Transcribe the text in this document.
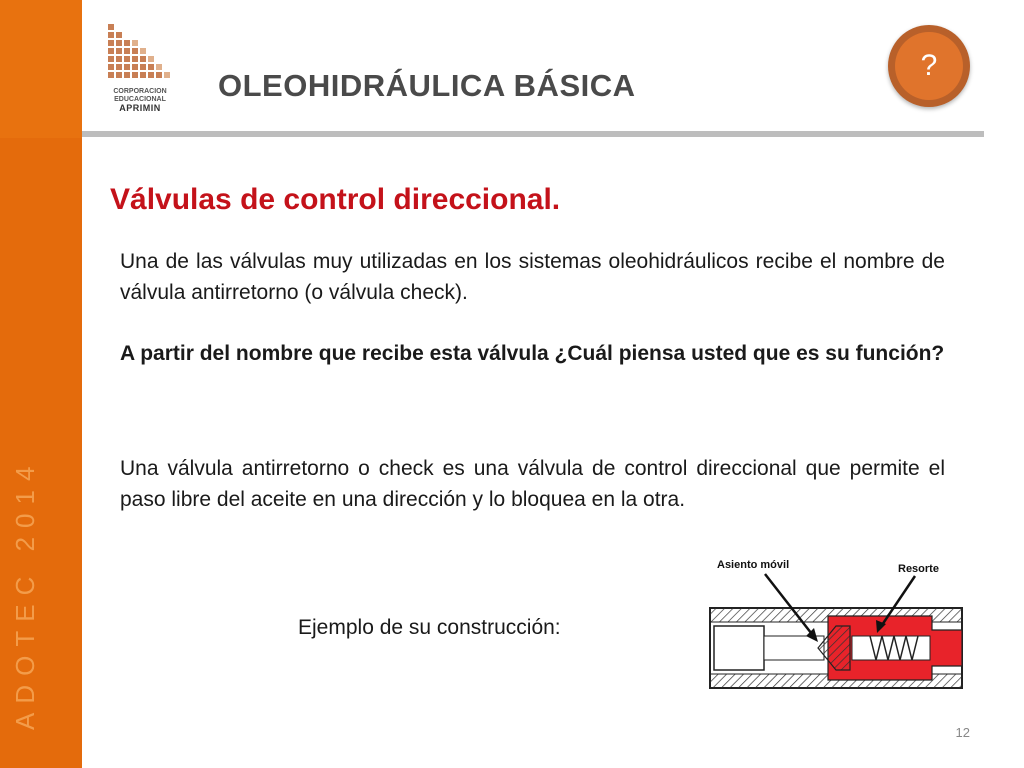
ADOTEC 2014
CORPORACION
EDUCACIONAL
APRIMIN
OLEOHIDRÁULICA BÁSICA
?
Válvulas de control direccional.
Una de las válvulas muy utilizadas en los sistemas oleohidráulicos recibe el nombre de válvula antirretorno (o válvula check).
A partir del nombre que recibe esta válvula ¿Cuál piensa usted que es su función?
Una válvula antirretorno o check es una válvula de control direccional que permite el paso libre del aceite en una dirección y lo bloquea en la otra.
Ejemplo de su construcción:
Asiento móvil	Resorte
12
